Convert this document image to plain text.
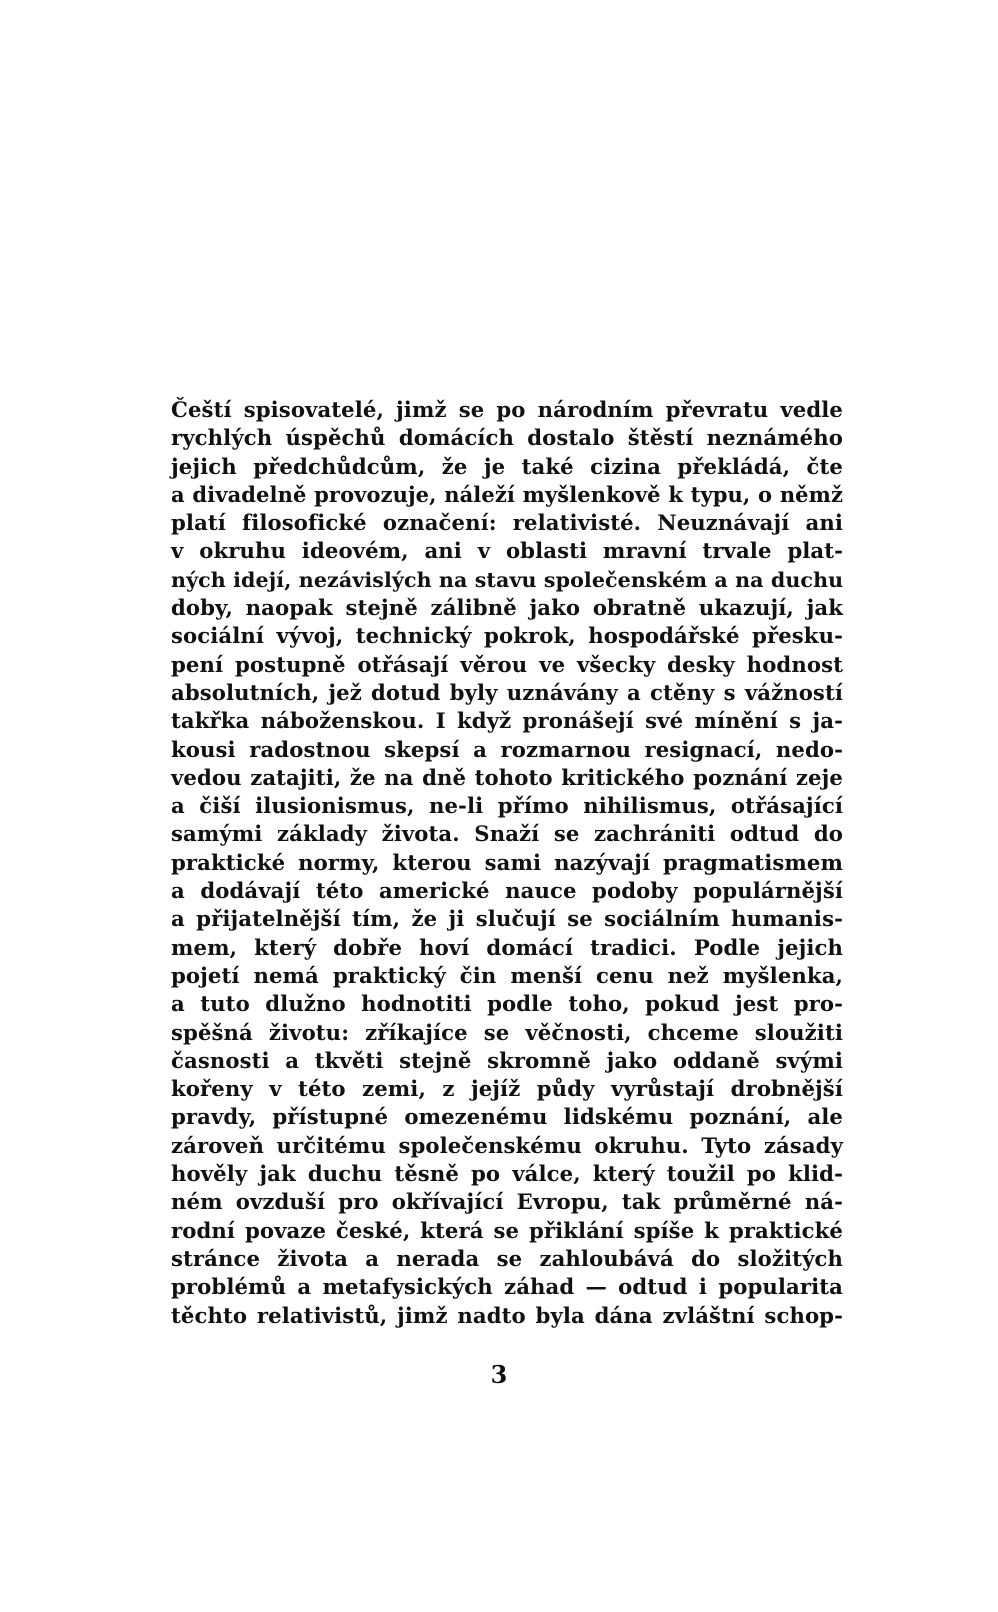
Čeští spisovatelé, jimž se po národním převratu vedle
rychlých úspěchů domácích dostalo štěstí neznámého
jejich předchůdcům, že je také cizina překládá, čte
a divadelně provozuje, náleží myšlenkově k typu, o němž
platí filosofické označení: relativisté. Neuznávají ani
v okruhu ideovém, ani v oblasti mravní trvale plat-
ných idejí, nezávislých na stavu společenském a na duchu
doby, naopak stejně zálibně jako obratně ukazují, jak
sociální vývoj, technický pokrok, hospodářské přesku-
pení postupně otřásají věrou ve všecky desky hodnost
absolutních, jež dotud byly uznávány a ctěny s vážností
takřka náboženskou. I když pronášejí své mínění s ja-
kousi radostnou skepsí a rozmarnou resignací, nedo-
vedou zatajiti, že na dně tohoto kritického poznání zeje
a čiší ilusionismus, ne-li přímo nihilismus, otřásající
samými základy života. Snaží se zachrániti odtud do
praktické normy, kterou sami nazývají pragmatismem
a dodávají této americké nauce podoby populárnější
a přijatelnější tím, že ji slučují se sociálním humanis-
mem, který dobře hoví domácí tradici. Podle jejich
pojetí nemá praktický čin menší cenu než myšlenka,
a tuto dlužno hodnotiti podle toho, pokud jest pro-
spěšná životu: zříkajíce se věčnosti, chceme sloužiti
časnosti a tkvěti stejně skromně jako oddaně svými
kořeny v této zemi, z jejíž půdy vyrůstají drobnější
pravdy, přístupné omezenému lidskému poznání, ale
zároveň určitému společenskému okruhu. Tyto zásady
hověly jak duchu těsně po válce, který toužil po klid-
ném ovzduší pro okřívající Evropu, tak průměrné ná-
rodní povaze české, která se přiklání spíše k praktické
stránce života a nerada se zahloubává do složitých
problémů a metafysických záhad — odtud i popularita
těchto relativistů, jimž nadto byla dána zvláštní schop-
3
